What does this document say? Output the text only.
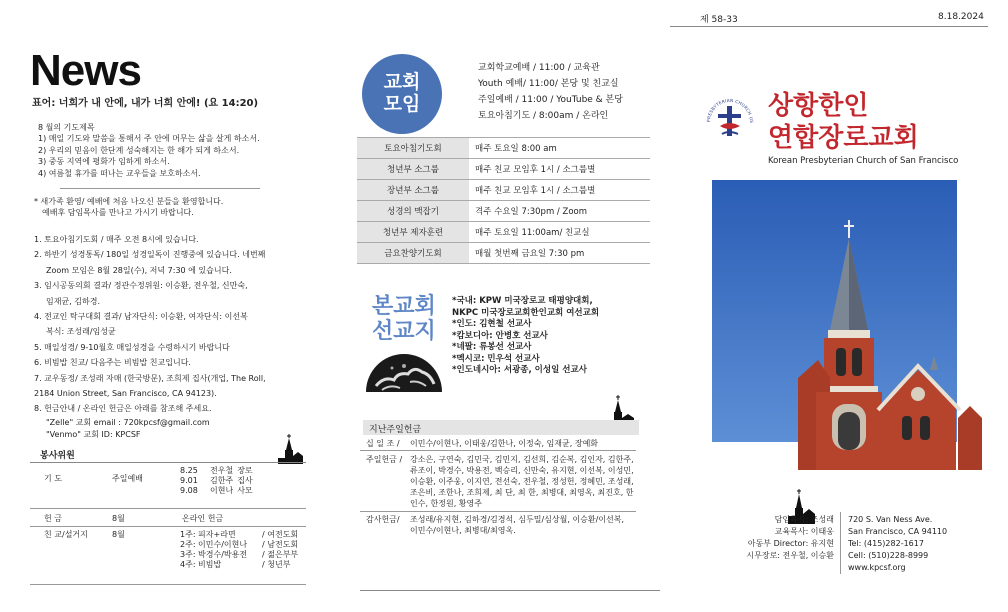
제 58-33	8.18.2024
News
표어: 너희가 내 안에, 내가 너희 안에! (요 14:20)
8 월의 기도제목
1) 매일 기도와 말씀을 통해서 주 안에 머무는 삶을 살게 하소서.
2) 우리의 믿음이 한단계 성숙해지는 한 해가 되게 하소서.
3) 중동 지역에 평화가 임하게 하소서.
4) 여름철 휴가를 떠나는 교우들을 보호하소서.
* 새가족 환영/ 예배에 처음 나오신 분들을 환영합니다.
예배후 담임목사를 만나고 가시기 바랍니다.
1. 토요아침기도회 / 매주 오전 8시에 있습니다.
2. 하반기 성경통독/ 180일 성경일독이 진행중에 있습니다. 네번째
Zoom 모임은 8월 28일(수), 저녁 7:30 에 있습니다.
3. 임시공동의회 결과/ 정관수정위원: 이승환, 전우철, 신만숙,
임재균, 김하경.
4. 전교인 탁구대회 결과/ 남자단식: 이승환, 여자단식: 이선복
복식: 조성래/임성균
5. 매일성경/ 9-10월호 매일성경을 수령하시기 바랍니다
6. 비빔밥 친교/ 다음주는 비빔밥 친교입니다.
7. 교우동정/ 조성래 자매 (한국방문), 조희제 집사(개업, The Roll,
2184 Union Street, San Francisco, CA 94123).
8. 헌금안내 / 온라인 헌금은 아래를 참조해 주세요.
"Zelle" 교회 email : 720kpcsf@gmail.com
"Venmo" 교회 ID: KPCSF
봉사위원
기 도	주일예배	
8.25	전우철	장로
9.01	김한주	집사
9.08	이현나	사모
헌 금	8월	온라인 헌금
친 교/설거지	8월		1주: 피자+라면	/ 여전도회
2주: 이민수/이현나	/ 남전도회
3주: 박경수/박용전	/ 젊은부부
4주: 비빔밥	/ 청년부
교회
모임
교회학교예배 / 11:00 / 교육관
Youth 예배/ 11:00/ 본당 및 친교실
주일예배 / 11:00 / YouTube & 본당
토요아침기도 / 8:00am / 온라인
토요아침기도회	매주 토요일 8:00 am
청년부 소그룹	매주 친교 모임후 1시 / 소그룹별
장년부 소그룹	매주 친교 모임후 1시 / 소그룹별
성경의 맥잡기	격주 수요일 7:30pm / Zoom
청년부 제자훈련	매주 토요일 11:00am/ 친교실
금요찬양기도회	매월 첫번째 금요일 7:30 pm
본교회
선교지
*국내: KPW 미국장로교 태평양대회,
NKPC 미국장로교회한인교회 여선교회
*인도: 김현철 선교사
*캄보디아: 안병호 선교사
*네팔: 류봉선 선교사
*멕시코: 민우석 선교사
*인도네시아: 서광종, 이성일 선교사
지난주일헌금
십 일 조 / 이민수/이현나, 이태웅/김한나, 이정숙, 임재균, 장예화
주일헌금 / 강소은, 구연숙, 김민국, 김민지, 김선희, 김순복, 김인자, 김한주, 류조이, 박경수, 박용전, 백승리, 신만숙, 유지현, 이선복, 이성민, 이승환, 이주웅, 이지연, 전선숙, 전우철, 정성헌, 정혜민, 조성래, 조은비, 조한나, 조희제, 최 단, 최 한, 최병대, 최영옥, 최진호, 한인수, 한정원, 황영주
감사헌금/ 조성래/유지현, 김하경/김경석, 심두밀/심상월, 이승환/이선복, 이민수/이현나, 최병대/최영옥.
PRESBYTERIAN CHURCH US
상항한인
연합장로교회
Korean Presbyterian Church of San Francisco
담임목사: 조성래
교육목사: 이태웅
아동부 Director: 유지현
시무장로: 전우철, 이승환
720 S. Van Ness Ave.
San Francisco, CA 94110
Tel: (415)282-1617
Cell: (510)228-8999
www.kpcsf.org
